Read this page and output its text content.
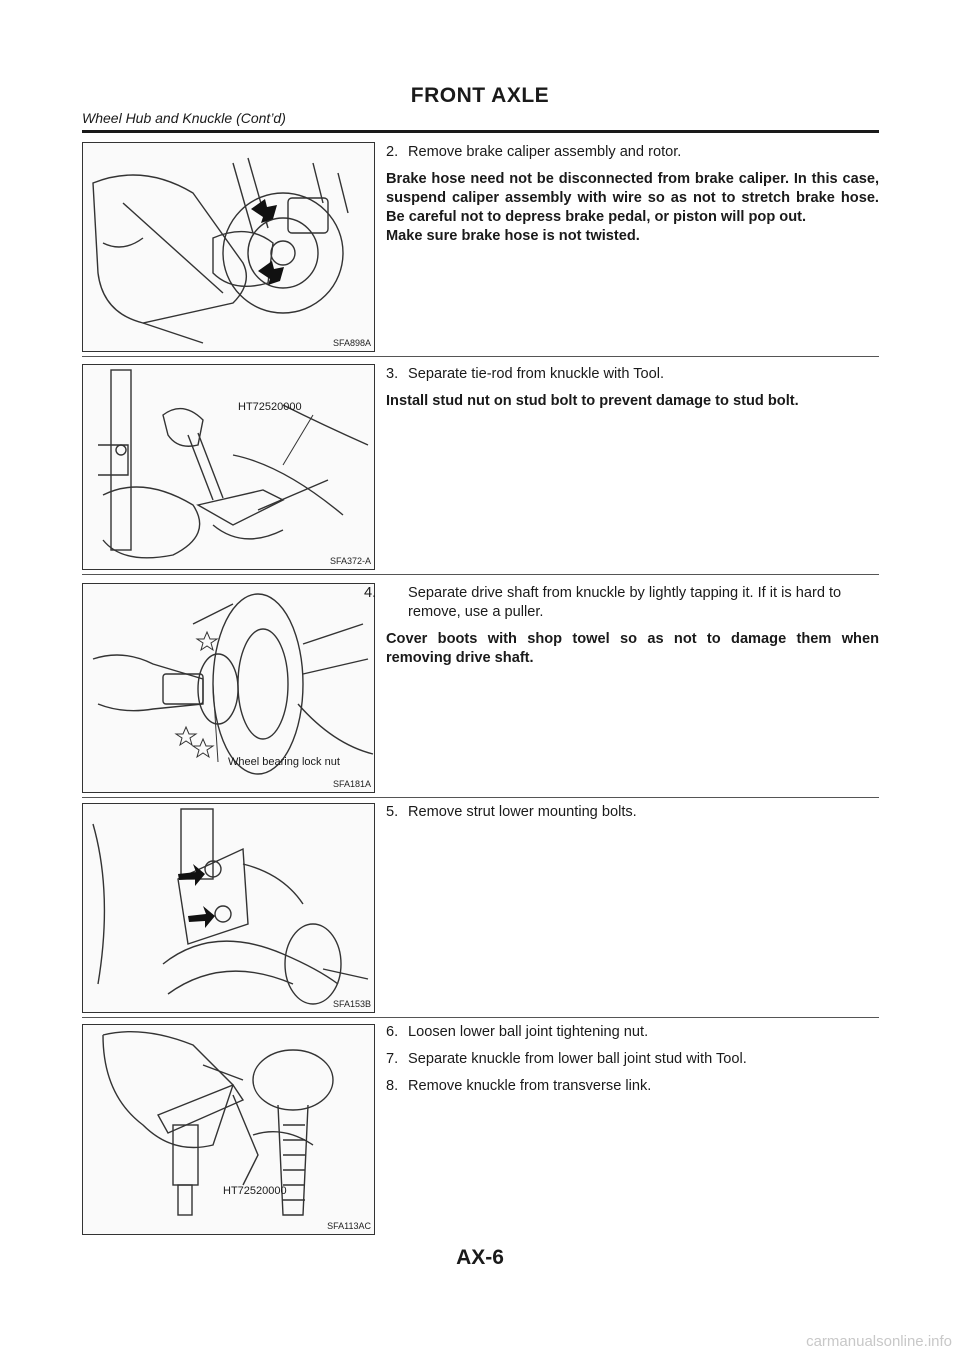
FRONT AXLE
Wheel Hub and Knuckle (Cont’d)
SFA898A
2. Remove brake caliper assembly and rotor.
Brake hose need not be disconnected from brake caliper. In this case, suspend caliper assembly with wire so as not to stretch brake hose. Be careful not to depress brake pedal, or piston will pop out.
Make sure brake hose is not twisted.
HT72520000
SFA372-A
3. Separate tie-rod from knuckle with Tool.
Install stud nut on stud bolt to prevent damage to stud bolt.
Wheel bearing lock nut
SFA181A
4. Separate drive shaft from knuckle by lightly tapping it. If it is hard to remove, use a puller.
Cover boots with shop towel so as not to damage them when removing drive shaft.
SFA153B
5. Remove strut lower mounting bolts.
HT72520000
SFA113AC
6. Loosen lower ball joint tightening nut.
7. Separate knuckle from lower ball joint stud with Tool.
8. Remove knuckle from transverse link.
AX-6
carmanualsonline.info
